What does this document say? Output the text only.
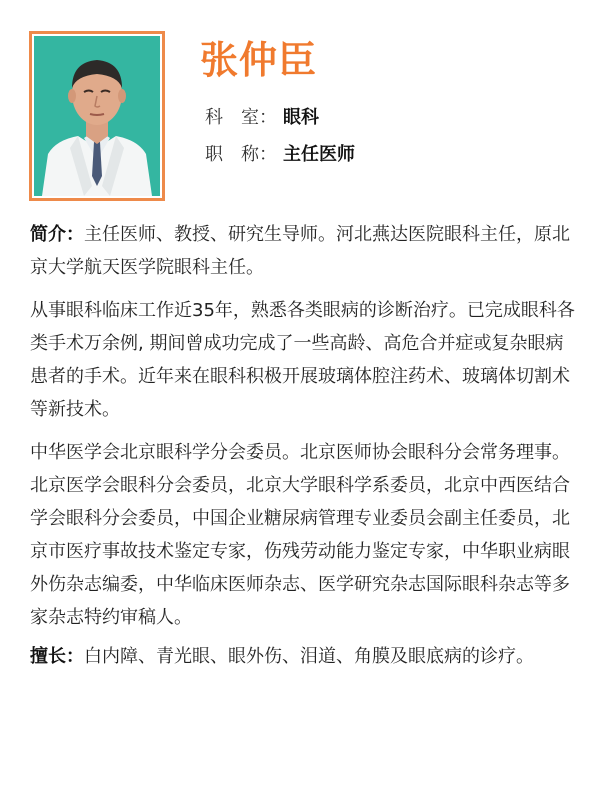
张仲臣
科　室： 眼科
职　称： 主任医师

简介：主任医师、教授、研究生导师。河北燕达医院眼科主任，原北京大学航天医学院眼科主任。

从事眼科临床工作近35年，熟悉各类眼病的诊断治疗。已完成眼科各类手术万余例, 期间曾成功完成了一些高龄、高危合并症或复杂眼病患者的手术。近年来在眼科积极开展玻璃体腔注药术、玻璃体切割术等新技术。

中华医学会北京眼科学分会委员。北京医师协会眼科分会常务理事。北京医学会眼科分会委员，北京大学眼科学系委员，北京中西医结合学会眼科分会委员，中国企业糖尿病管理专业委员会副主任委员，北京市医疗事故技术鉴定专家，伤残劳动能力鉴定专家，中华职业病眼外伤杂志编委，中华临床医师杂志、医学研究杂志国际眼科杂志等多家杂志特约审稿人。

擅长：白内障、青光眼、眼外伤、泪道、角膜及眼底病的诊疗。
